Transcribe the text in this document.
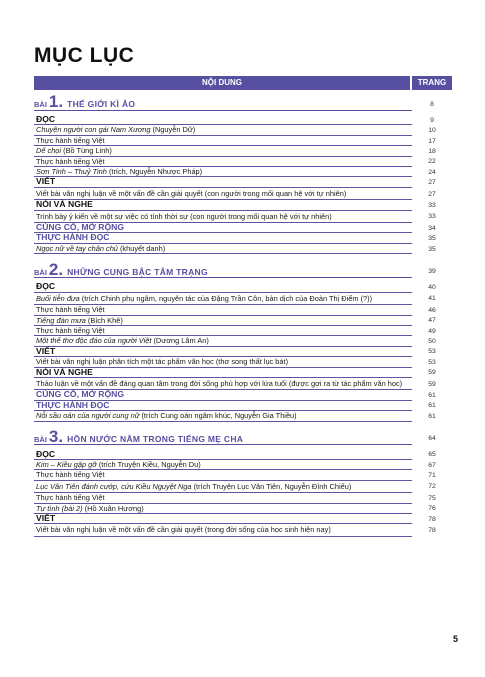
MỤC LỤC
NỘI DUNG	TRANG
BÀI 1. THẾ GIỚI KÌ ẢO	8
ĐỌC	9
Chuyện người con gái Nam Xương (Nguyễn Dữ)	10
Thực hành tiếng Việt	17
Dế chọi (Bồ Tùng Linh)	18
Thực hành tiếng Việt	22
Sơn Tinh – Thuỷ Tinh (trích, Nguyễn Nhược Pháp)	24
VIẾT	27
Viết bài văn nghị luận về một vấn đề cần giải quyết (con người trong mối quan hệ với tự nhiên)	27
NÓI VÀ NGHE	33
Trình bày ý kiến về một sự việc có tính thời sự (con người trong mối quan hệ với tự nhiên)	33
CỦNG CỐ, MỞ RỘNG	34
THỰC HÀNH ĐỌC	35
Ngọc nữ về tay chân chủ (khuyết danh)	35
BÀI 2. NHỮNG CUNG BẬC TÂM TRẠNG	39
ĐỌC	40
Buổi tiễn đưa (trích Chinh phụ ngâm, nguyên tác của Đặng Trần Côn, bản dịch của Đoàn Thị Điểm (?))	41
Thực hành tiếng Việt	46
Tiếng đàn mưa (Bích Khê)	47
Thực hành tiếng Việt	49
Một thế thơ độc đáo của người Việt (Dương Lâm An)	50
VIẾT	53
Viết bài văn nghị luận phân tích một tác phẩm văn học (thơ song thất lục bát)	53
NÓI VÀ NGHE	59
Thảo luận về một vấn đề đáng quan tâm trong đời sống phù hợp với lứa tuổi (được gợi ra từ tác phẩm văn học)	59
CỦNG CỐ, MỞ RỘNG	61
THỰC HÀNH ĐỌC	61
Nỗi sầu oán của người cung nữ (trích Cung oán ngâm khúc, Nguyễn Gia Thiều)	61
BÀI 3. HỒN NƯỚC NẰM TRONG TIẾNG MẸ CHA	64
ĐỌC	65
Kim – Kiều gặp gỡ (trích Truyện Kiều, Nguyễn Du)	67
Thực hành tiếng Việt	71
Lục Vân Tiên đánh cướp, cứu Kiều Nguyệt Nga (trích Truyện Lục Vân Tiên, Nguyễn Đình Chiểu)	72
Thực hành tiếng Việt	75
Tự tình (bài 2) (Hồ Xuân Hương)	76
VIẾT	78
Viết bài văn nghị luận về một vấn đề cần giải quyết (trong đời sống của học sinh hiện nay)	78
5
